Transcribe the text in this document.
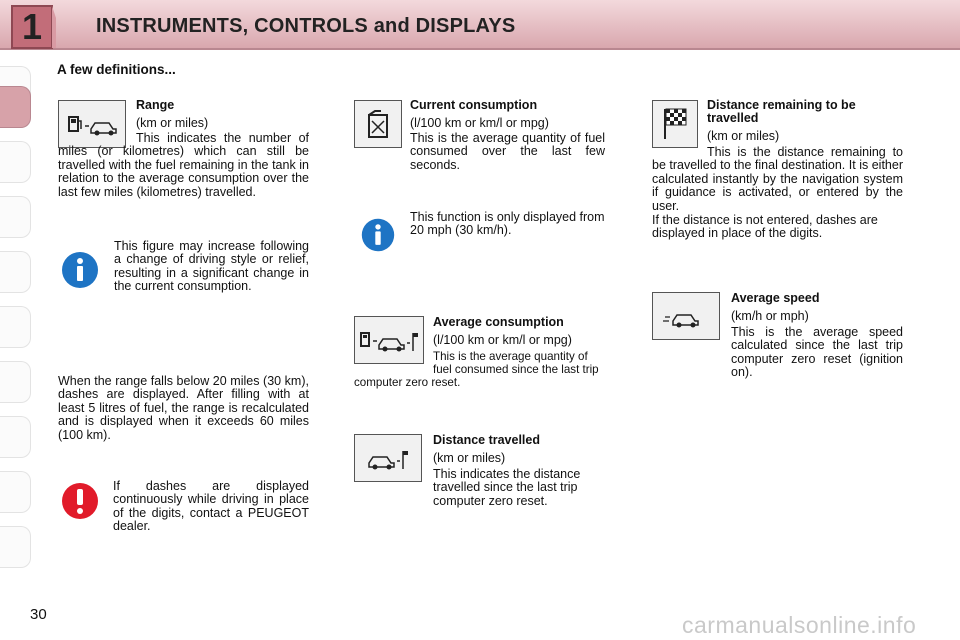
1	INSTRUMENTS, CONTROLS and DISPLAYS
A few definitions...
Range
(km or miles)
This indicates the number of miles (or kilometres) which can still be travelled with the fuel remaining in the tank in relation to the average consumption over the last few miles (kilometres) travelled.
This figure may increase following a change of driving style or relief, resulting in a significant change in the current consumption.
When the range falls below 20 miles (30 km), dashes are displayed. After filling with at least 5 litres of fuel, the range is recalculated and is displayed when it exceeds 60 miles (100 km).
If dashes are displayed continuously while driving in place of the digits, contact a PEUGEOT dealer.
Current consumption
(l/100 km or km/l or mpg)
This is the average quantity of fuel consumed over the last few seconds.
This function is only displayed from 20 mph (30 km/h).
Average consumption
(l/100 km or km/l or mpg)
This is the average quantity of fuel consumed since the last trip computer zero reset.
Distance travelled
(km or miles)
This indicates the distance travelled since the last trip computer zero reset.
Distance remaining to be travelled
(km or miles)
This is the distance remaining to be travelled to the final destination. It is either calculated instantly by the navigation system if guidance is activated, or entered by the user.
If the distance is not entered, dashes are displayed in place of the digits.
Average speed
(km/h or mph)
This is the average speed calculated since the last trip computer zero reset (ignition on).
30	carmanualsonline.info
